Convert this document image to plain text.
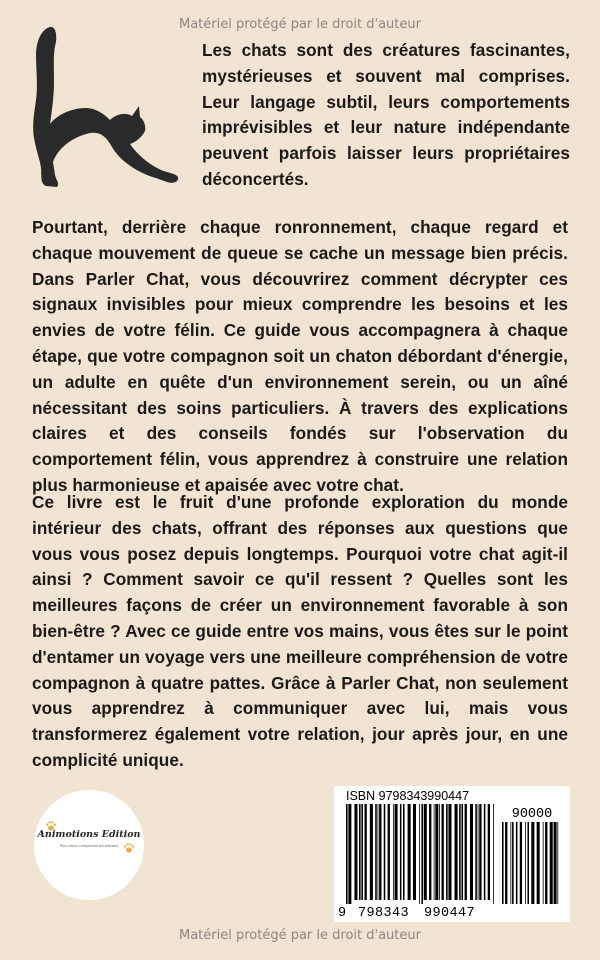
Matériel protégé par le droit d'auteur

Les chats sont des créatures fascinantes, mystérieuses et souvent mal comprises. Leur langage subtil, leurs comportements imprévisibles et leur nature indépendante peuvent parfois laisser leurs propriétaires déconcertés.

Pourtant, derrière chaque ronronnement, chaque regard et chaque mouvement de queue se cache un message bien précis. Dans Parler Chat, vous découvrirez comment décrypter ces signaux invisibles pour mieux comprendre les besoins et les envies de votre félin. Ce guide vous accompagnera à chaque étape, que votre compagnon soit un chaton débordant d'énergie, un adulte en quête d'un environnement serein, ou un aîné nécessitant des soins particuliers. À travers des explications claires et des conseils fondés sur l'observation du comportement félin, vous apprendrez à construire une relation plus harmonieuse et apaisée avec votre chat.

Ce livre est le fruit d'une profonde exploration du monde intérieur des chats, offrant des réponses aux questions que vous vous posez depuis longtemps. Pourquoi votre chat agit-il ainsi ? Comment savoir ce qu'il ressent ? Quelles sont les meilleures façons de créer un environnement favorable à son bien-être ? Avec ce guide entre vos mains, vous êtes sur le point d'entamer un voyage vers une meilleure compréhension de votre compagnon à quatre pattes. Grâce à Parler Chat, non seulement vous apprendrez à communiquer avec lui, mais vous transformerez également votre relation, jour après jour, en une complicité unique.

Animotions Edition
Pour mieux comprendre les animaux
ISBN 9798343990447
90000
9 798343 990447
Matériel protégé par le droit d'auteur
